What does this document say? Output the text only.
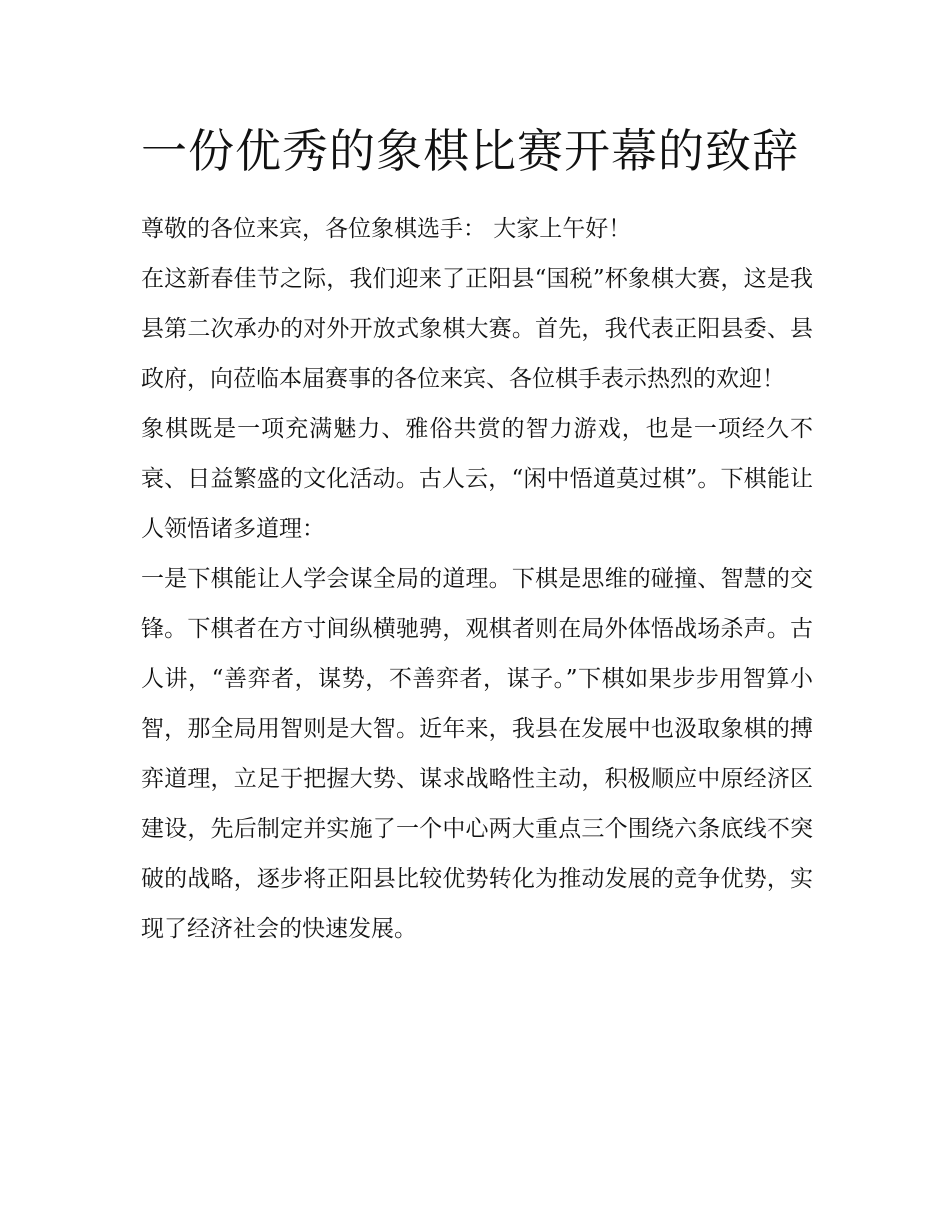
一份优秀的象棋比赛开幕的致辞

尊敬的各位来宾，各位象棋选手： 大家上午好！

在这新春佳节之际，我们迎来了正阳县“国税”杯象棋大赛，这是我县第二次承办的对外开放式象棋大赛。首先，我代表正阳县委、县政府，向莅临本届赛事的各位来宾、各位棋手表示热烈的欢迎！

象棋既是一项充满魅力、雅俗共赏的智力游戏，也是一项经久不衰、日益繁盛的文化活动。古人云，“闲中悟道莫过棋”。下棋能让人领悟诸多道理：

一是下棋能让人学会谋全局的道理。下棋是思维的碰撞、智慧的交锋。下棋者在方寸间纵横驰骋，观棋者则在局外体悟战场杀声。古人讲，“善弈者，谋势，不善弈者，谋子。”下棋如果步步用智算小智，那全局用智则是大智。近年来，我县在发展中也汲取象棋的搏弈道理，立足于把握大势、谋求战略性主动，积极顺应中原经济区建设，先后制定并实施了一个中心两大重点三个围绕六条底线不突破的战略，逐步将正阳县比较优势转化为推动发展的竞争优势，实现了经济社会的快速发展。
